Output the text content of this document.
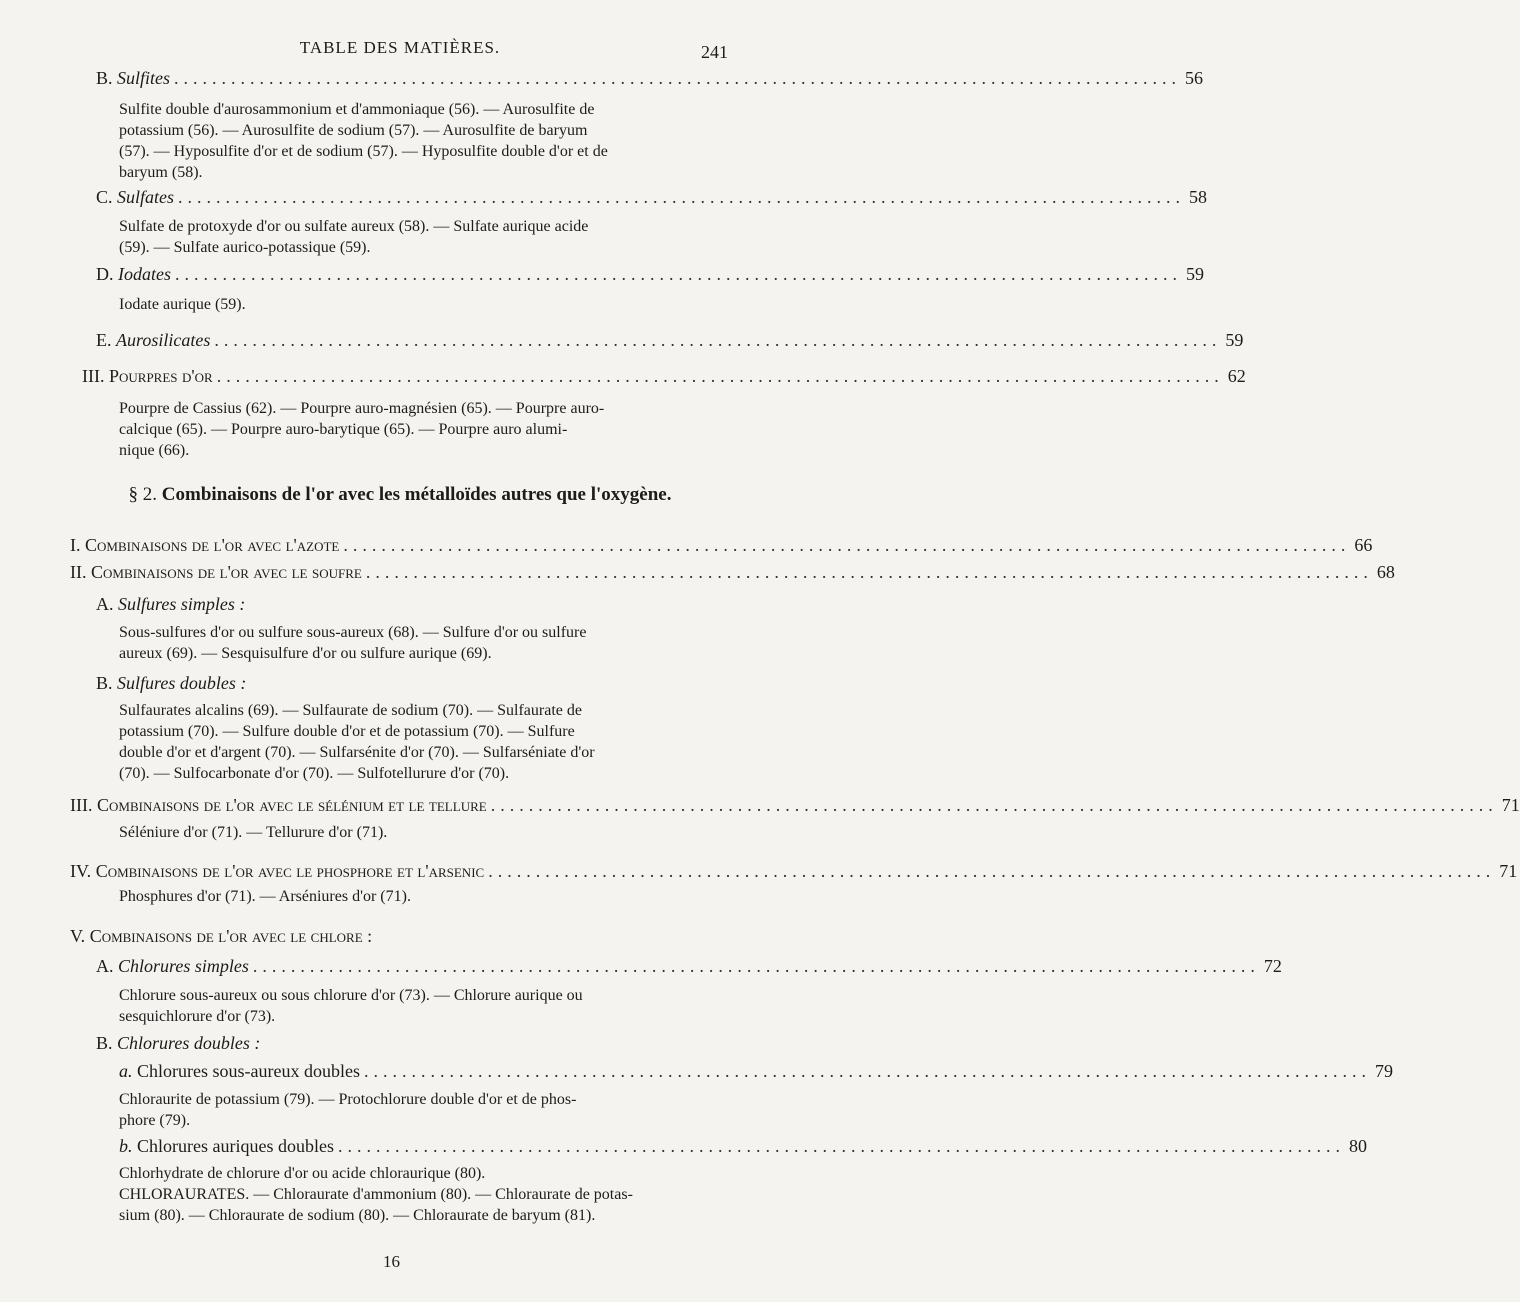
TABLE DES MATIÈRES.	241
B. Sulfites .......................................................................................................... 56
Sulfite double d'aurosammonium et d'ammoniaque (56). — Aurosulfite de
potassium (56). — Aurosulfite de sodium (57). — Aurosulfite de baryum
(57). — Hyposulfite d'or et de sodium (57). — Hyposulfite double d'or et de
baryum (58).
C. Sulfates .......................................................................................................... 58
Sulfate de protoxyde d'or ou sulfate aureux (58). — Sulfate aurique acide
(59). — Sulfate aurico-potassique (59).
D. Iodates .......................................................................................................... 59
Iodate aurique (59).
E. Aurosilicates .......................................................................................................... 59
III. Pourpres d'or .......................................................................................................... 62
Pourpre de Cassius (62). — Pourpre auro-magnésien (65). — Pourpre auro-
calcique (65). — Pourpre auro-barytique (65). — Pourpre auro alumi-
nique (66).
§ 2. Combinaisons de l'or avec les métalloïdes autres que l'oxygène.
I. Combinaisons de l'or avec l'azote .......................................................................................................... 66
II. Combinaisons de l'or avec le soufre .......................................................................................................... 68
A. Sulfures simples :
Sous-sulfures d'or ou sulfure sous-aureux (68). — Sulfure d'or ou sulfure
aureux (69). — Sesquisulfure d'or ou sulfure aurique (69).
B. Sulfures doubles :
Sulfaurates alcalins (69). — Sulfaurate de sodium (70). — Sulfaurate de
potassium (70). — Sulfure double d'or et de potassium (70). — Sulfure
double d'or et d'argent (70). — Sulfarsénite d'or (70). — Sulfarséniate d'or
(70). — Sulfocarbonate d'or (70). — Sulfotellurure d'or (70).
III. Combinaisons de l'or avec le sélénium et le tellure .......................................................................................................... 71
Séléniure d'or (71). — Tellurure d'or (71).
IV. Combinaisons de l'or avec le phosphore et l'arsenic .......................................................................................................... 71
Phosphures d'or (71). — Arséniures d'or (71).
V. Combinaisons de l'or avec le chlore :
A. Chlorures simples .......................................................................................................... 72
Chlorure sous-aureux ou sous chlorure d'or (73). — Chlorure aurique ou
sesquichlorure d'or (73).
B. Chlorures doubles :
a. Chlorures sous-aureux doubles .......................................................................................................... 79
Chloraurite de potassium (79). — Protochlorure double d'or et de phos-
phore (79).
b. Chlorures auriques doubles .......................................................................................................... 80
Chlorhydrate de chlorure d'or ou acide chloraurique (80).
CHLORAURATES. — Chloraurate d'ammonium (80). — Chloraurate de potas-
sium (80). — Chloraurate de sodium (80). — Chloraurate de baryum (81).
16
